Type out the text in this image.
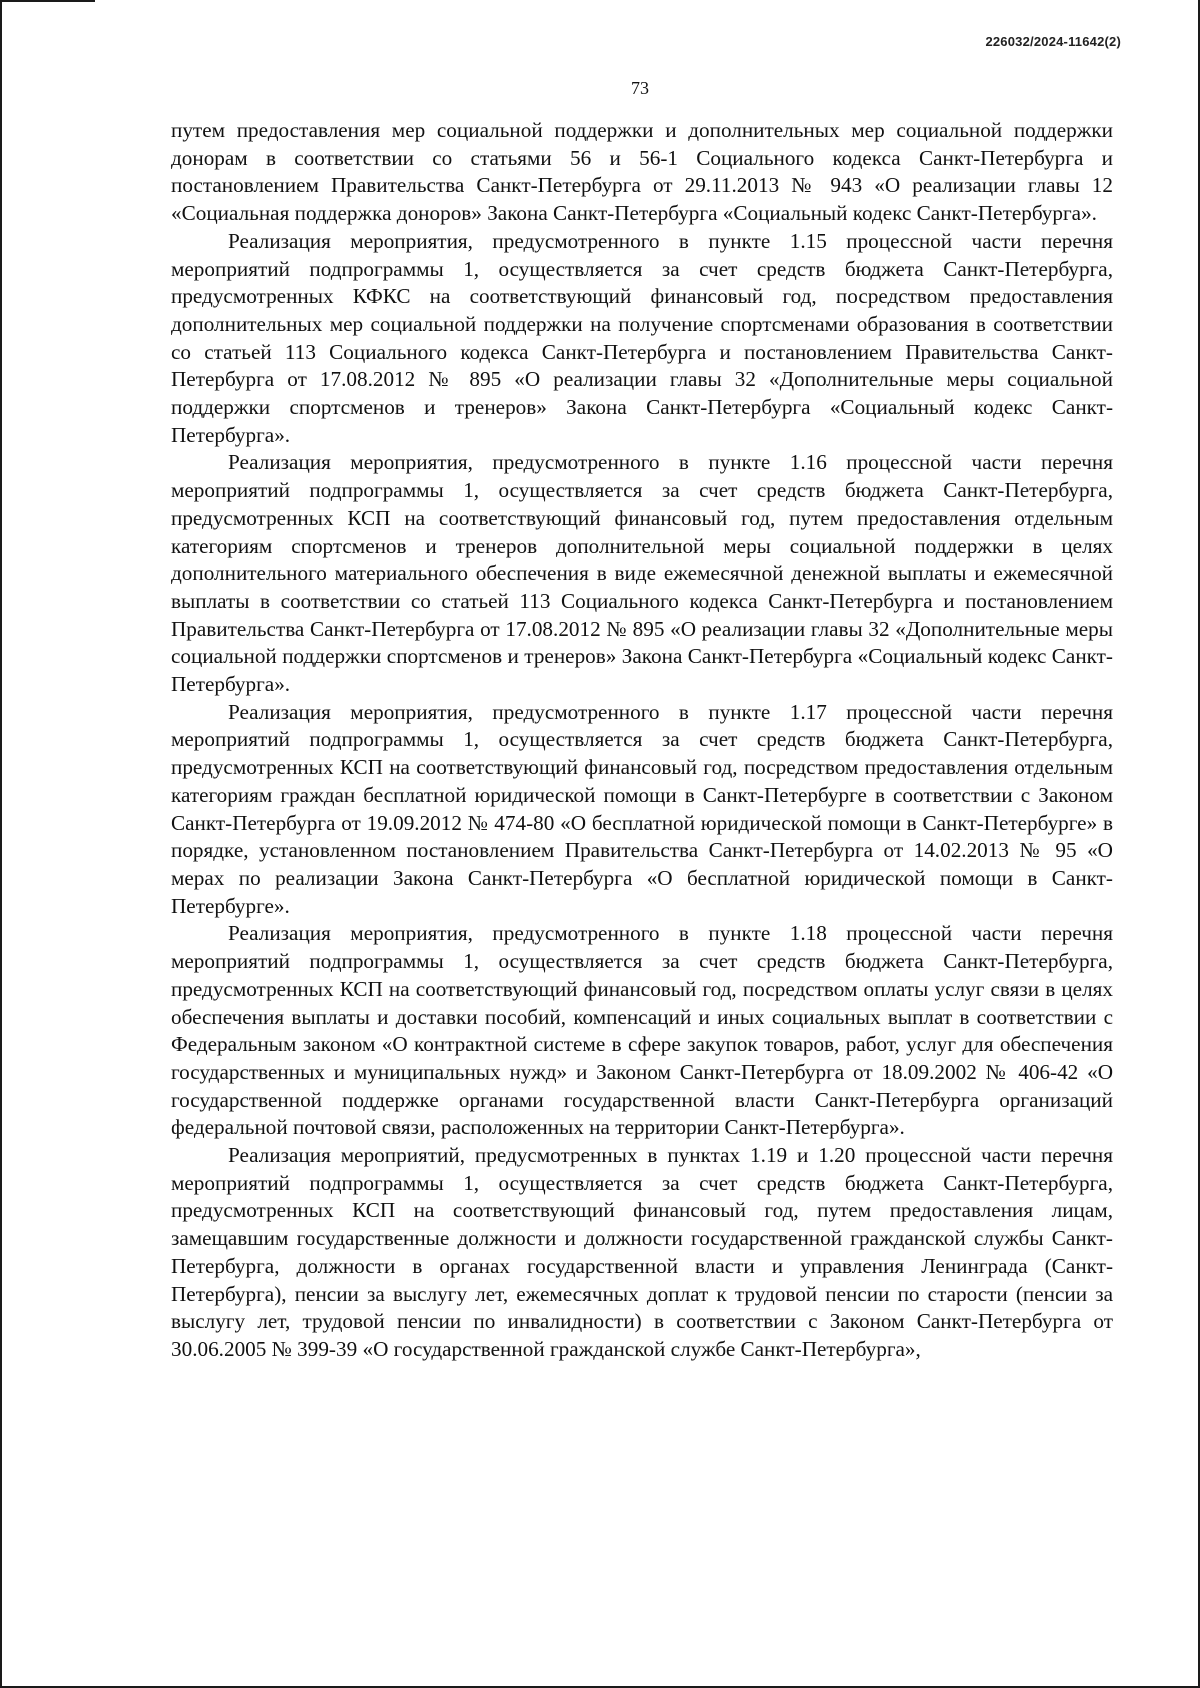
226032/2024-11642(2)
73

путем предоставления мер социальной поддержки и дополнительных мер социальной поддержки донорам в соответствии со статьями 56 и 56-1 Социального кодекса Санкт-Петербурга и постановлением Правительства Санкт-Петербурга от 29.11.2013 № 943 «О реализации главы 12 «Социальная поддержка доноров» Закона Санкт-Петербурга «Социальный кодекс Санкт-Петербурга».

Реализация мероприятия, предусмотренного в пункте 1.15 процессной части перечня мероприятий подпрограммы 1, осуществляется за счет средств бюджета Санкт-Петербурга, предусмотренных КФКС на соответствующий финансовый год, посредством предоставления дополнительных мер социальной поддержки на получение спортсменами образования в соответствии со статьей 113 Социального кодекса Санкт-Петербурга и постановлением Правительства Санкт-Петербурга от 17.08.2012 № 895 «О реализации главы 32 «Дополнительные меры социальной поддержки спортсменов и тренеров» Закона Санкт-Петербурга «Социальный кодекс Санкт-Петербурга».

Реализация мероприятия, предусмотренного в пункте 1.16 процессной части перечня мероприятий подпрограммы 1, осуществляется за счет средств бюджета Санкт-Петербурга, предусмотренных КСП на соответствующий финансовый год, путем предоставления отдельным категориям спортсменов и тренеров дополнительной меры социальной поддержки в целях дополнительного материального обеспечения в виде ежемесячной денежной выплаты и ежемесячной выплаты в соответствии со статьей 113 Социального кодекса Санкт-Петербурга и постановлением Правительства Санкт-Петербурга от 17.08.2012 № 895 «О реализации главы 32 «Дополнительные меры социальной поддержки спортсменов и тренеров» Закона Санкт-Петербурга «Социальный кодекс Санкт-Петербурга».

Реализация мероприятия, предусмотренного в пункте 1.17 процессной части перечня мероприятий подпрограммы 1, осуществляется за счет средств бюджета Санкт-Петербурга, предусмотренных КСП на соответствующий финансовый год, посредством предоставления отдельным категориям граждан бесплатной юридической помощи в Санкт-Петербурге в соответствии с Законом Санкт-Петербурга от 19.09.2012 № 474-80 «О бесплатной юридической помощи в Санкт-Петербурге» в порядке, установленном постановлением Правительства Санкт-Петербурга от 14.02.2013 № 95 «О мерах по реализации Закона Санкт-Петербурга «О бесплатной юридической помощи в Санкт-Петербурге».

Реализация мероприятия, предусмотренного в пункте 1.18 процессной части перечня мероприятий подпрограммы 1, осуществляется за счет средств бюджета Санкт-Петербурга, предусмотренных КСП на соответствующий финансовый год, посредством оплаты услуг связи в целях обеспечения выплаты и доставки пособий, компенсаций и иных социальных выплат в соответствии с Федеральным законом «О контрактной системе в сфере закупок товаров, работ, услуг для обеспечения государственных и муниципальных нужд» и Законом Санкт-Петербурга от 18.09.2002 № 406-42 «О государственной поддержке органами государственной власти Санкт-Петербурга организаций федеральной почтовой связи, расположенных на территории Санкт-Петербурга».

Реализация мероприятий, предусмотренных в пунктах 1.19 и 1.20 процессной части перечня мероприятий подпрограммы 1, осуществляется за счет средств бюджета Санкт-Петербурга, предусмотренных КСП на соответствующий финансовый год, путем предоставления лицам, замещавшим государственные должности и должности государственной гражданской службы Санкт-Петербурга, должности в органах государственной власти и управления Ленинграда (Санкт-Петербурга), пенсии за выслугу лет, ежемесячных доплат к трудовой пенсии по старости (пенсии за выслугу лет, трудовой пенсии по инвалидности) в соответствии с Законом Санкт-Петербурга от 30.06.2005 № 399-39 «О государственной гражданской службе Санкт-Петербурга»,
